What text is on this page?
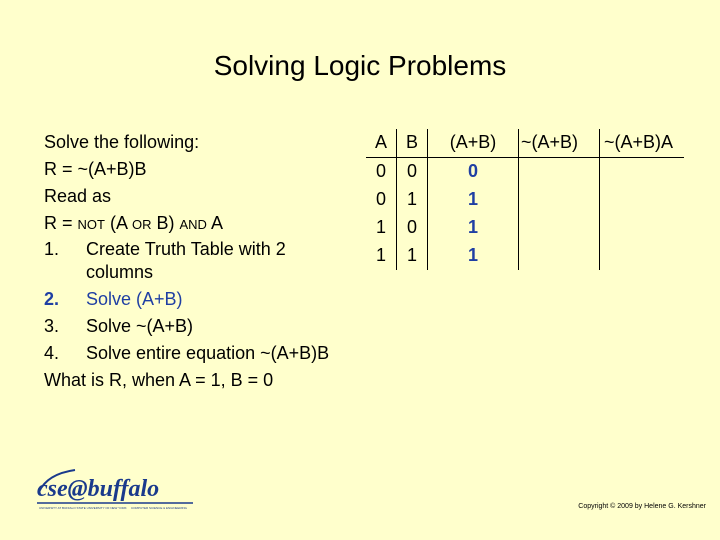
Solving Logic Problems
Solve the following:
R = ~(A+B)B
Read as
R = NOT (A OR B) AND A
1.	Create Truth Table with 2 columns
2.	Solve (A+B)
3.	Solve ~(A+B)
4.	Solve entire equation ~(A+B)B
What is R, when A = 1, B = 0
A	B	(A+B)	~(A+B)	~(A+B)A
0	0	0		
0	1	1		
1	0	1		
1	1	1		
cse@buffalo
UNIVERSITY AT BUFFALO STATE UNIVERSITY OF NEW YORK COMPUTER SCIENCE & ENGINEERING	Copyright © 2009 by Helene G. Kershner
